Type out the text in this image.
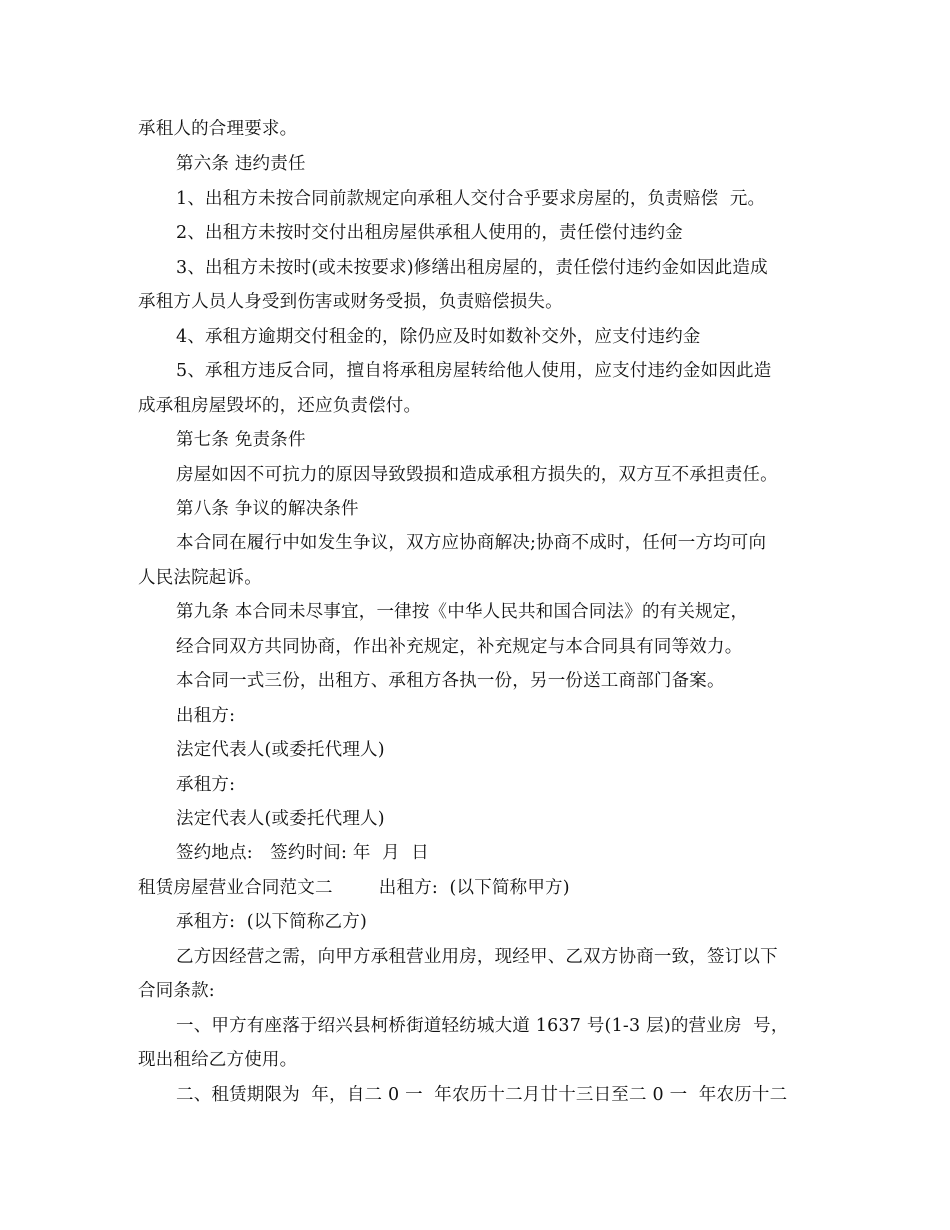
承租人的合理要求。
第六条 违约责任
1、出租方未按合同前款规定向承租人交付合乎要求房屋的，负责赔偿  元。
2、出租方未按时交付出租房屋供承租人使用的，责任偿付违约金
3、出租方未按时(或未按要求)修缮出租房屋的，责任偿付违约金如因此造成
承租方人员人身受到伤害或财务受损，负责赔偿损失。
4、承租方逾期交付租金的，除仍应及时如数补交外，应支付违约金
5、承租方违反合同，擅自将承租房屋转给他人使用，应支付违约金如因此造
成承租房屋毁坏的，还应负责偿付。
第七条 免责条件
房屋如因不可抗力的原因导致毁损和造成承租方损失的，双方互不承担责任。
第八条 争议的解决条件
本合同在履行中如发生争议，双方应协商解决;协商不成时，任何一方均可向
人民法院起诉。
第九条 本合同未尽事宜，一律按《中华人民共和国合同法》的有关规定，
经合同双方共同协商，作出补充规定，补充规定与本合同具有同等效力。
本合同一式三份，出租方、承租方各执一份，另一份送工商部门备案。
出租方:
法定代表人(或委托代理人)
承租方:
法定代表人(或委托代理人)
签约地点:   签约时间: 年  月  日
租赁房屋营业合同范文二        出租方:  (以下简称甲方)
承租方:  (以下简称乙方)
乙方因经营之需，向甲方承租营业用房，现经甲、乙双方协商一致，签订以下
合同条款:
一、甲方有座落于绍兴县柯桥街道轻纺城大道 1637 号(1-3 层)的营业房  号，
现出租给乙方使用。
二、租赁期限为  年，自二 0 一  年农历十二月廿十三日至二 0 一  年农历十二
